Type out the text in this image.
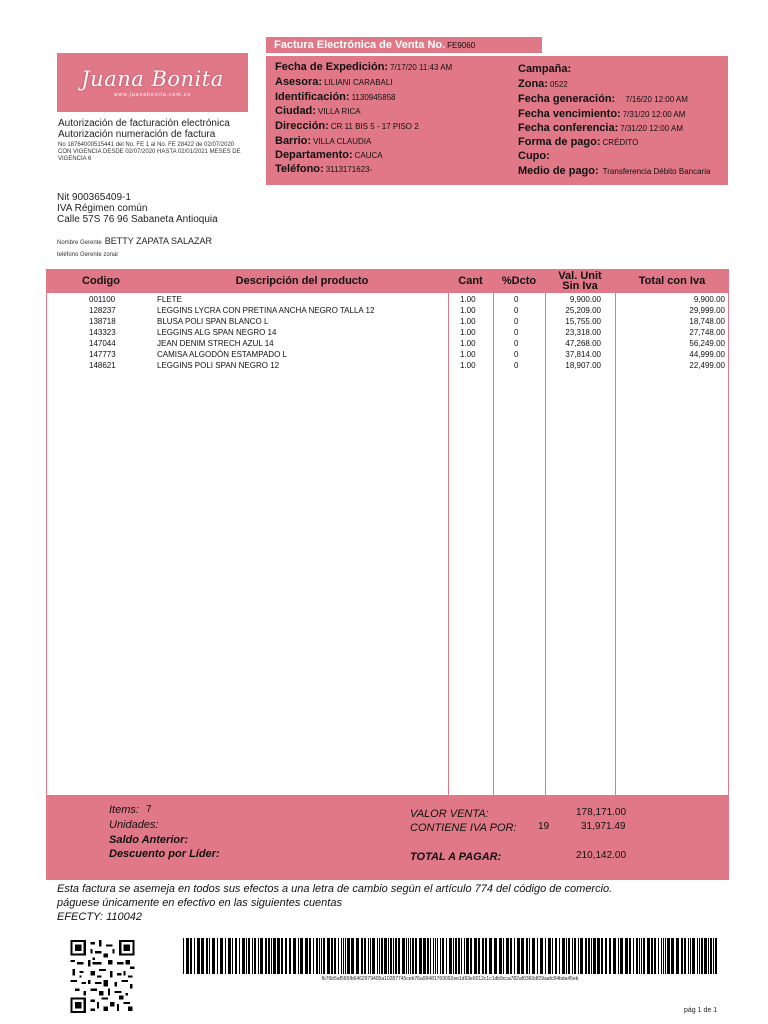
Juana Bonita
www.juanabonita.com.co
Autorización de facturación electrónica
Autorización numeración de factura
No 18764000515441 del No. FE 1 al No. FE 28422 de 02/07/2020 CON VIGENCIA DESDE 02/07/2020 HASTA 02/01/2021 MESES DE VIGENCIA 6
Nit 900365409-1
IVA Régimen común
Calle 57S 76 96 Sabaneta Antioquia
Nombre Gerente BETTY ZAPATA SALAZAR
teléfono Gerente zonal
Factura Electrónica de Venta No. FE9060
Fecha de Expedición: 7/17/20 11:43 AM
Asesora: LILIANI CARABALI
Identificación: 1130945858
Ciudad: VILLA RICA
Dirección: CR 11 BIS 5 - 17 PISO 2
Barrio: VILLA CLAUDIA
Departamento: CAUCA
Teléfono: 3113171623-
Campaña:
Zona: 0522
Fecha generación: 7/16/20 12:00 AM
Fecha vencimiento: 7/31/20 12:00 AM
Fecha conferencia: 7/31/20 12:00 AM
Forma de pago: CRÉDITO
Cupo:
Medio de pago: Transferencia Débito Bancaria
Codigo	Descripción del producto	Cant	%Dcto	Val. Unit
Sin Iva	Total con Iva
001100	FLETE	1.00	0	9,900.00	9,900.00
128237	LEGGINS LYCRA CON PRETINA ANCHA NEGRO TALLA 12	1.00	0	25,209.00	29,999.00
138718	BLUSA POLI SPAN BLANCO L	1.00	0	15,755.00	18,748.00
143323	LEGGINS ALG SPAN NEGRO 14	1.00	0	23,318.00	27,748.00
147044	JEAN DENIM STRECH AZUL 14	1.00	0	47,268.00	56,249.00
147773	CAMISA ALGODÓN ESTAMPADO L	1.00	0	37,814.00	44,999.00
148621	LEGGINS POLI SPAN NEGRO 12	1.00	0	18,907.00	22,499.00
Items: 7
Unidades:
Saldo Anterior:
Descuento por Líder:
VALOR VENTA:	178,171.00
CONTIENE IVA POR: 19	31,971.49
TOTAL A PAGAR:	210,142.00
Esta factura se asemeja en todos sus efectos a una letra de cambio según el artículo 774 del código de comercio.
páguese únicamente en efectivo en las siguientes cuentas
EFECTY: 110042
fb76b5af565fb6462979405a10287745ceb76a99481769092ee1d93e0012c1c1db9cca782af0360df29aafc84bda45eb
pág 1 de 1
